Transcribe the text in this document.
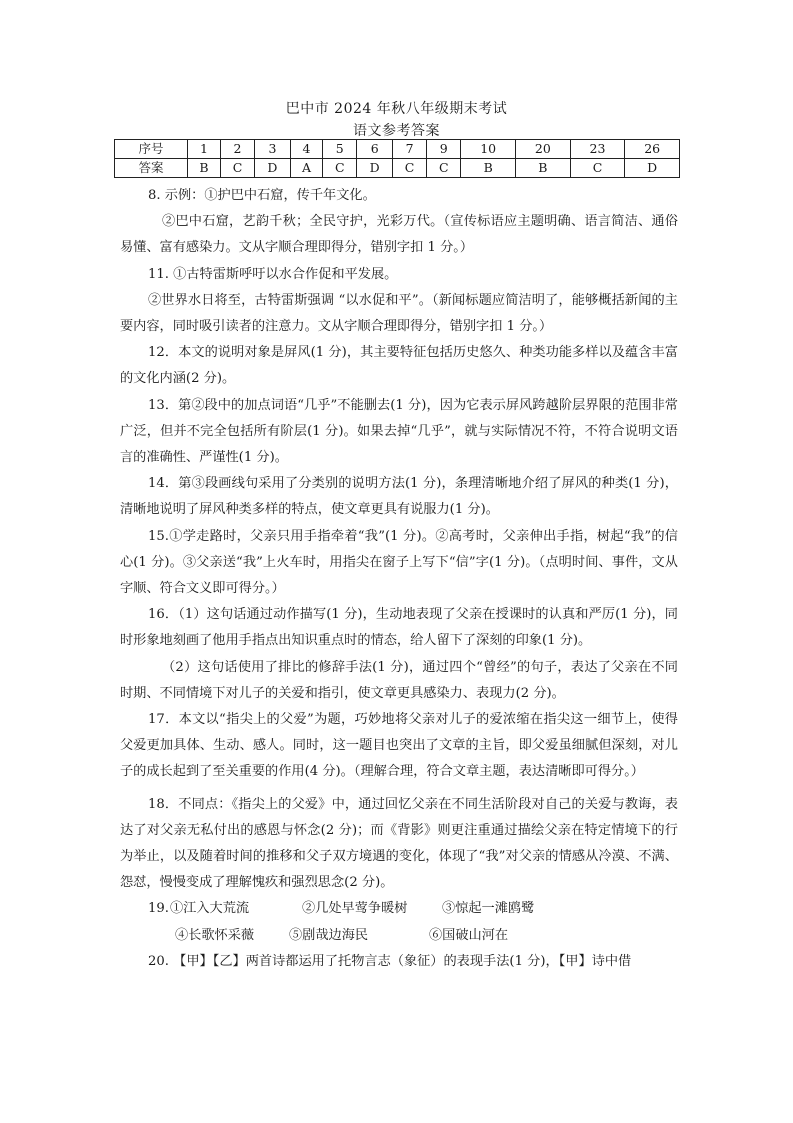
巴中市 2024 年秋八年级期末考试
语文参考答案
序号	1	2	3	4	5	6	7	9	10	20	23	26
答案	B	C	D	A	C	D	C	C	B	B	C	D

8. 示例：①护巴中石窟，传千年文化。

②巴中石窟，艺韵千秋；全民守护，光彩万代。（宣传标语应主题明确、语言简洁、通俗易懂、富有感染力。文从字顺合理即得分，错别字扣 1 分。）

11. ①古特雷斯呼吁以水合作促和平发展。

②世界水日将至，古特雷斯强调 “以水促和平”。（新闻标题应简洁明了，能够概括新闻的主要内容，同时吸引读者的注意力。文从字顺合理即得分，错别字扣 1 分。）

12．本文的说明对象是屏风(1 分)，其主要特征包括历史悠久、种类功能多样以及蕴含丰富的文化内涵(2 分)。

13．第②段中的加点词语“几乎”不能删去(1 分)，因为它表示屏风跨越阶层界限的范围非常广泛，但并不完全包括所有阶层(1 分)。如果去掉“几乎”，就与实际情况不符，不符合说明文语言的准确性、严谨性(1 分)。

14．第③段画线句采用了分类别的说明方法(1 分)，条理清晰地介绍了屏风的种类(1 分)，清晰地说明了屏风种类多样的特点，使文章更具有说服力(1 分)。

15.①学走路时，父亲只用手指牵着“我”(1 分)。②高考时，父亲伸出手指，树起“我”的信心(1 分)。③父亲送“我”上火车时，用指尖在窗子上写下“信”字(1 分)。（点明时间、事件，文从字顺、符合文义即可得分。）

16．（1）这句话通过动作描写(1 分)，生动地表现了父亲在授课时的认真和严厉(1 分)，同时形象地刻画了他用手指点出知识重点时的情态，给人留下了深刻的印象(1 分)。

（2）这句话使用了排比的修辞手法(1 分)，通过四个“曾经”的句子，表达了父亲在不同时期、不同情境下对儿子的关爱和指引，使文章更具感染力、表现力(2 分)。

17．本文以“指尖上的父爱”为题，巧妙地将父亲对儿子的爱浓缩在指尖这一细节上，使得父爱更加具体、生动、感人。同时，这一题目也突出了文章的主旨，即父爱虽细腻但深刻，对儿子的成长起到了至关重要的作用(4 分)。（理解合理，符合文章主题，表达清晰即可得分。）

18．不同点：《指尖上的父爱》中，通过回忆父亲在不同生活阶段对自己的关爱与教诲，表达了对父亲无私付出的感恩与怀念(2 分)；而《背影》则更注重通过描绘父亲在特定情境下的行为举止，以及随着时间的推移和父子双方境遇的变化，体现了“我”对父亲的情感从冷漠、不满、怨怼，慢慢变成了理解愧疚和强烈思念(2 分)。

19. ①江入大荒流	②几处早莺争暖树	③惊起一滩鸥鹭
④长歌怀采薇	⑤剧哉边海民	⑥国破山河在

20. 【甲】【乙】两首诗都运用了托物言志（象征）的表现手法(1 分)，【甲】诗中借
